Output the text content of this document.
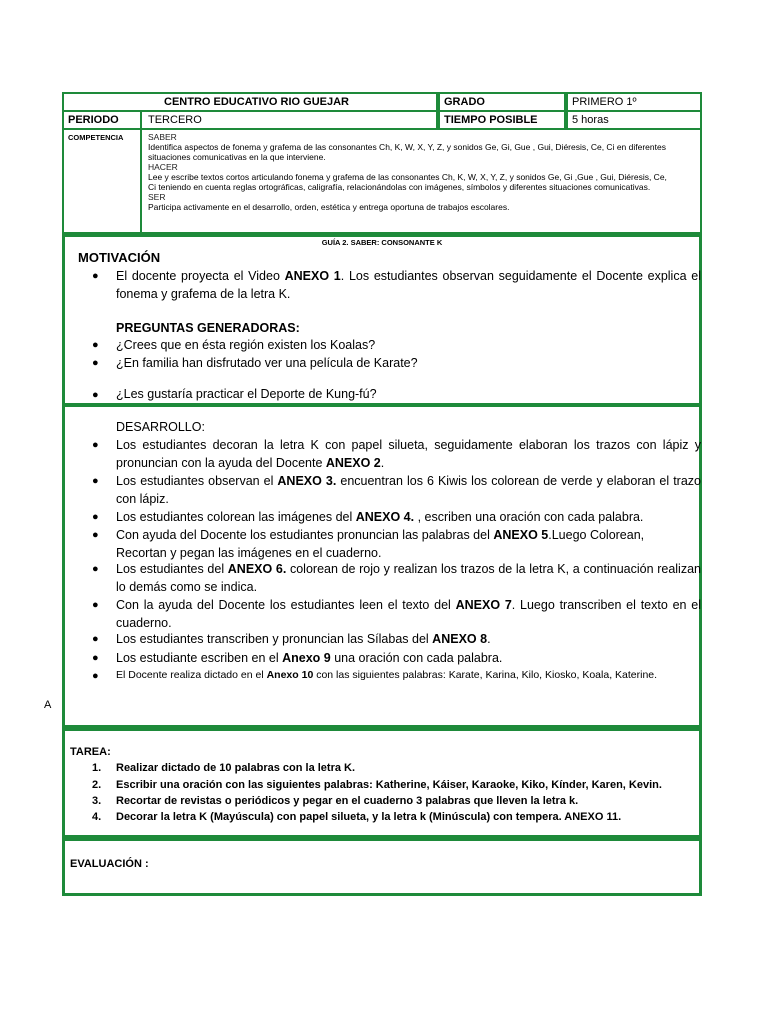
CENTRO EDUCATIVO RIO GUEJAR	GRADO	PRIMERO 1º
PERIODO	TERCERO	TIEMPO POSIBLE	5 horas
COMPETENCIA	SABER
Identifica aspectos de fonema y grafema de las consonantes Ch, K, W, X, Y, Z, y sonidos Ge, Gi, Gue , Gui, Diéresis, Ce, Ci en diferentes
situaciones comunicativas en la que interviene.
HACER
Lee y escribe textos cortos articulando fonema y grafema de las consonantes Ch, K, W, X, Y, Z, y sonidos Ge, Gi ,Gue , Gui, Diéresis, Ce,
Ci teniendo en cuenta reglas ortográficas, caligrafía, relacionándolas con imágenes, símbolos y diferentes situaciones comunicativas.
SER
Participa activamente en el desarrollo, orden, estética y entrega oportuna de trabajos escolares.
GUÍA 2. SABER: CONSONANTE K
MOTIVACIÓN
● El docente proyecta el Video ANEXO 1. Los estudiantes observan seguidamente el Docente explica el fonema y grafema de la letra K.
PREGUNTAS GENERADORAS:
● ¿Crees que en ésta región existen los Koalas?
● ¿En familia han disfrutado ver una película de Karate?
● ¿Les gustaría practicar el Deporte de Kung-fú?
DESARROLLO:
● Los estudiantes decoran la letra K con papel silueta, seguidamente elaboran los trazos con lápiz y pronuncian con la ayuda del Docente ANEXO 2.
● Los estudiantes observan el ANEXO 3. encuentran los 6 Kiwis los colorean de verde y elaboran el trazo con lápiz.
● Los estudiantes colorean las imágenes del ANEXO 4. , escriben una oración con cada palabra.
● Con ayuda del Docente los estudiantes pronuncian las palabras del ANEXO 5.Luego Colorean, Recortan y pegan las imágenes en el cuaderno.
● Los estudiantes del ANEXO 6. colorean de rojo y realizan los trazos de la letra K, a continuación realizan lo demás como se indica.
● Con la ayuda del Docente los estudiantes leen el texto del ANEXO 7. Luego transcriben el texto en el cuaderno.
● Los estudiantes transcriben y pronuncian las Sílabas del ANEXO 8.
● Los estudiante escriben en el Anexo 9 una oración con cada palabra.
● El Docente realiza dictado en el Anexo 10 con las siguientes palabras: Karate, Karina, Kilo, Kiosko, Koala, Katerine.
A
TAREA:
1. Realizar dictado de 10 palabras con la letra K.
2. Escribir una oración con las siguientes palabras: Katherine, Káiser, Karaoke, Kiko, Kínder, Karen, Kevin.
3. Recortar de revistas o periódicos y pegar en el cuaderno 3 palabras que lleven la letra k.
4. Decorar la letra K (Mayúscula) con papel silueta, y la letra k (Minúscula) con tempera. ANEXO 11.
EVALUACIÓN :
